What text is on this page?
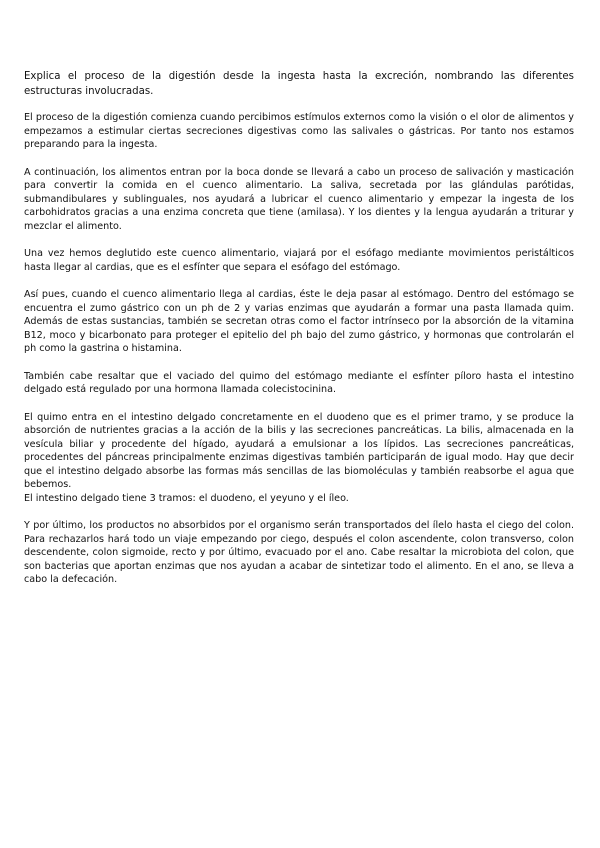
Explica el proceso de la digestión desde la ingesta hasta la excreción, nombrando las diferentes estructuras involucradas.

El proceso de la digestión comienza cuando percibimos estímulos externos como la visión o el olor de alimentos y empezamos a estimular ciertas secreciones digestivas como las salivales o gástricas. Por tanto nos estamos preparando para la ingesta.

A continuación, los alimentos entran por la boca donde se llevará a cabo un proceso de salivación y masticación para convertir la comida en el cuenco alimentario. La saliva, secretada por las glándulas parótidas, submandibulares y sublinguales, nos ayudará a lubricar el cuenco alimentario y empezar la ingesta de los carbohidratos gracias a una enzima concreta que tiene (amilasa). Y los dientes y la lengua ayudarán a triturar y mezclar el alimento.

Una vez hemos deglutido este cuenco alimentario, viajará por el esófago mediante movimientos peristálticos hasta llegar al cardias, que es el esfínter que separa el esófago del estómago.

Así pues, cuando el cuenco alimentario llega al cardias, éste le deja pasar al estómago. Dentro del estómago se encuentra el zumo gástrico con un ph de 2 y varias enzimas que ayudarán a formar una pasta llamada quim. Además de estas sustancias, también se secretan otras como el factor intrínseco por la absorción de la vitamina B12, moco y bicarbonato para proteger el epitelio del ph bajo del zumo gástrico, y hormonas que controlarán el ph como la gastrina o histamina.

También cabe resaltar que el vaciado del quimo del estómago mediante el esfínter píloro hasta el intestino delgado está regulado por una hormona llamada colecistocinina.

El quimo entra en el intestino delgado concretamente en el duodeno que es el primer tramo, y se produce la absorción de nutrientes gracias a la acción de la bilis y las secreciones pancreáticas. La bilis, almacenada en la vesícula biliar y procedente del hígado, ayudará a emulsionar a los lípidos. Las secreciones pancreáticas, procedentes del páncreas principalmente enzimas digestivas también participarán de igual modo. Hay que decir que el intestino delgado absorbe las formas más sencillas de las biomoléculas y también reabsorbe el agua que bebemos.

El intestino delgado tiene 3 tramos: el duodeno, el yeyuno y el íleo.

Y por último, los productos no absorbidos por el organismo serán transportados del ílelo hasta el ciego del colon. Para rechazarlos hará todo un viaje empezando por ciego, después el colon ascendente, colon transverso, colon descendente, colon sigmoide, recto y por último, evacuado por el ano. Cabe resaltar la microbiota del colon, que son bacterias que aportan enzimas que nos ayudan a acabar de sintetizar todo el alimento. En el ano, se lleva a cabo la defecación.
